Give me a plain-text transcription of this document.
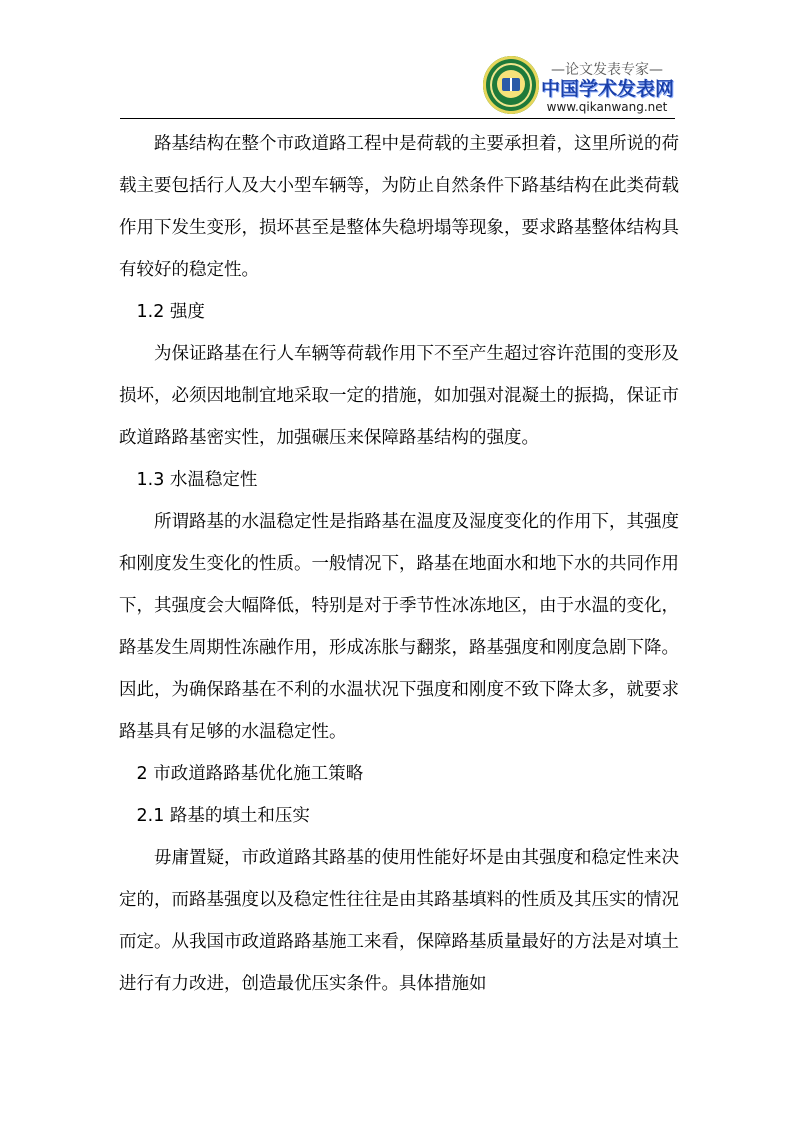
—论文发表专家—
中国学术发表网
www.qikanwang.net

路基结构在整个市政道路工程中是荷载的主要承担着，这里所说的荷载主要包括行人及大小型车辆等，为防止自然条件下路基结构在此类荷载作用下发生变形，损坏甚至是整体失稳坍塌等现象，要求路基整体结构具有较好的稳定性。

1.2 强度

为保证路基在行人车辆等荷载作用下不至产生超过容许范围的变形及损坏，必须因地制宜地采取一定的措施，如加强对混凝土的振捣，保证市政道路路基密实性，加强碾压来保障路基结构的强度。

1.3 水温稳定性

所谓路基的水温稳定性是指路基在温度及湿度变化的作用下，其强度和刚度发生变化的性质。一般情况下，路基在地面水和地下水的共同作用下，其强度会大幅降低，特别是对于季节性冰冻地区，由于水温的变化，路基发生周期性冻融作用，形成冻胀与翻浆，路基强度和刚度急剧下降。因此，为确保路基在不利的水温状况下强度和刚度不致下降太多，就要求路基具有足够的水温稳定性。

2 市政道路路基优化施工策略

2.1 路基的填土和压实

毋庸置疑，市政道路其路基的使用性能好坏是由其强度和稳定性来决定的，而路基强度以及稳定性往往是由其路基填料的性质及其压实的情况而定。从我国市政道路路基施工来看，保障路基质量最好的方法是对填土进行有力改进，创造最优压实条件。具体措施如
